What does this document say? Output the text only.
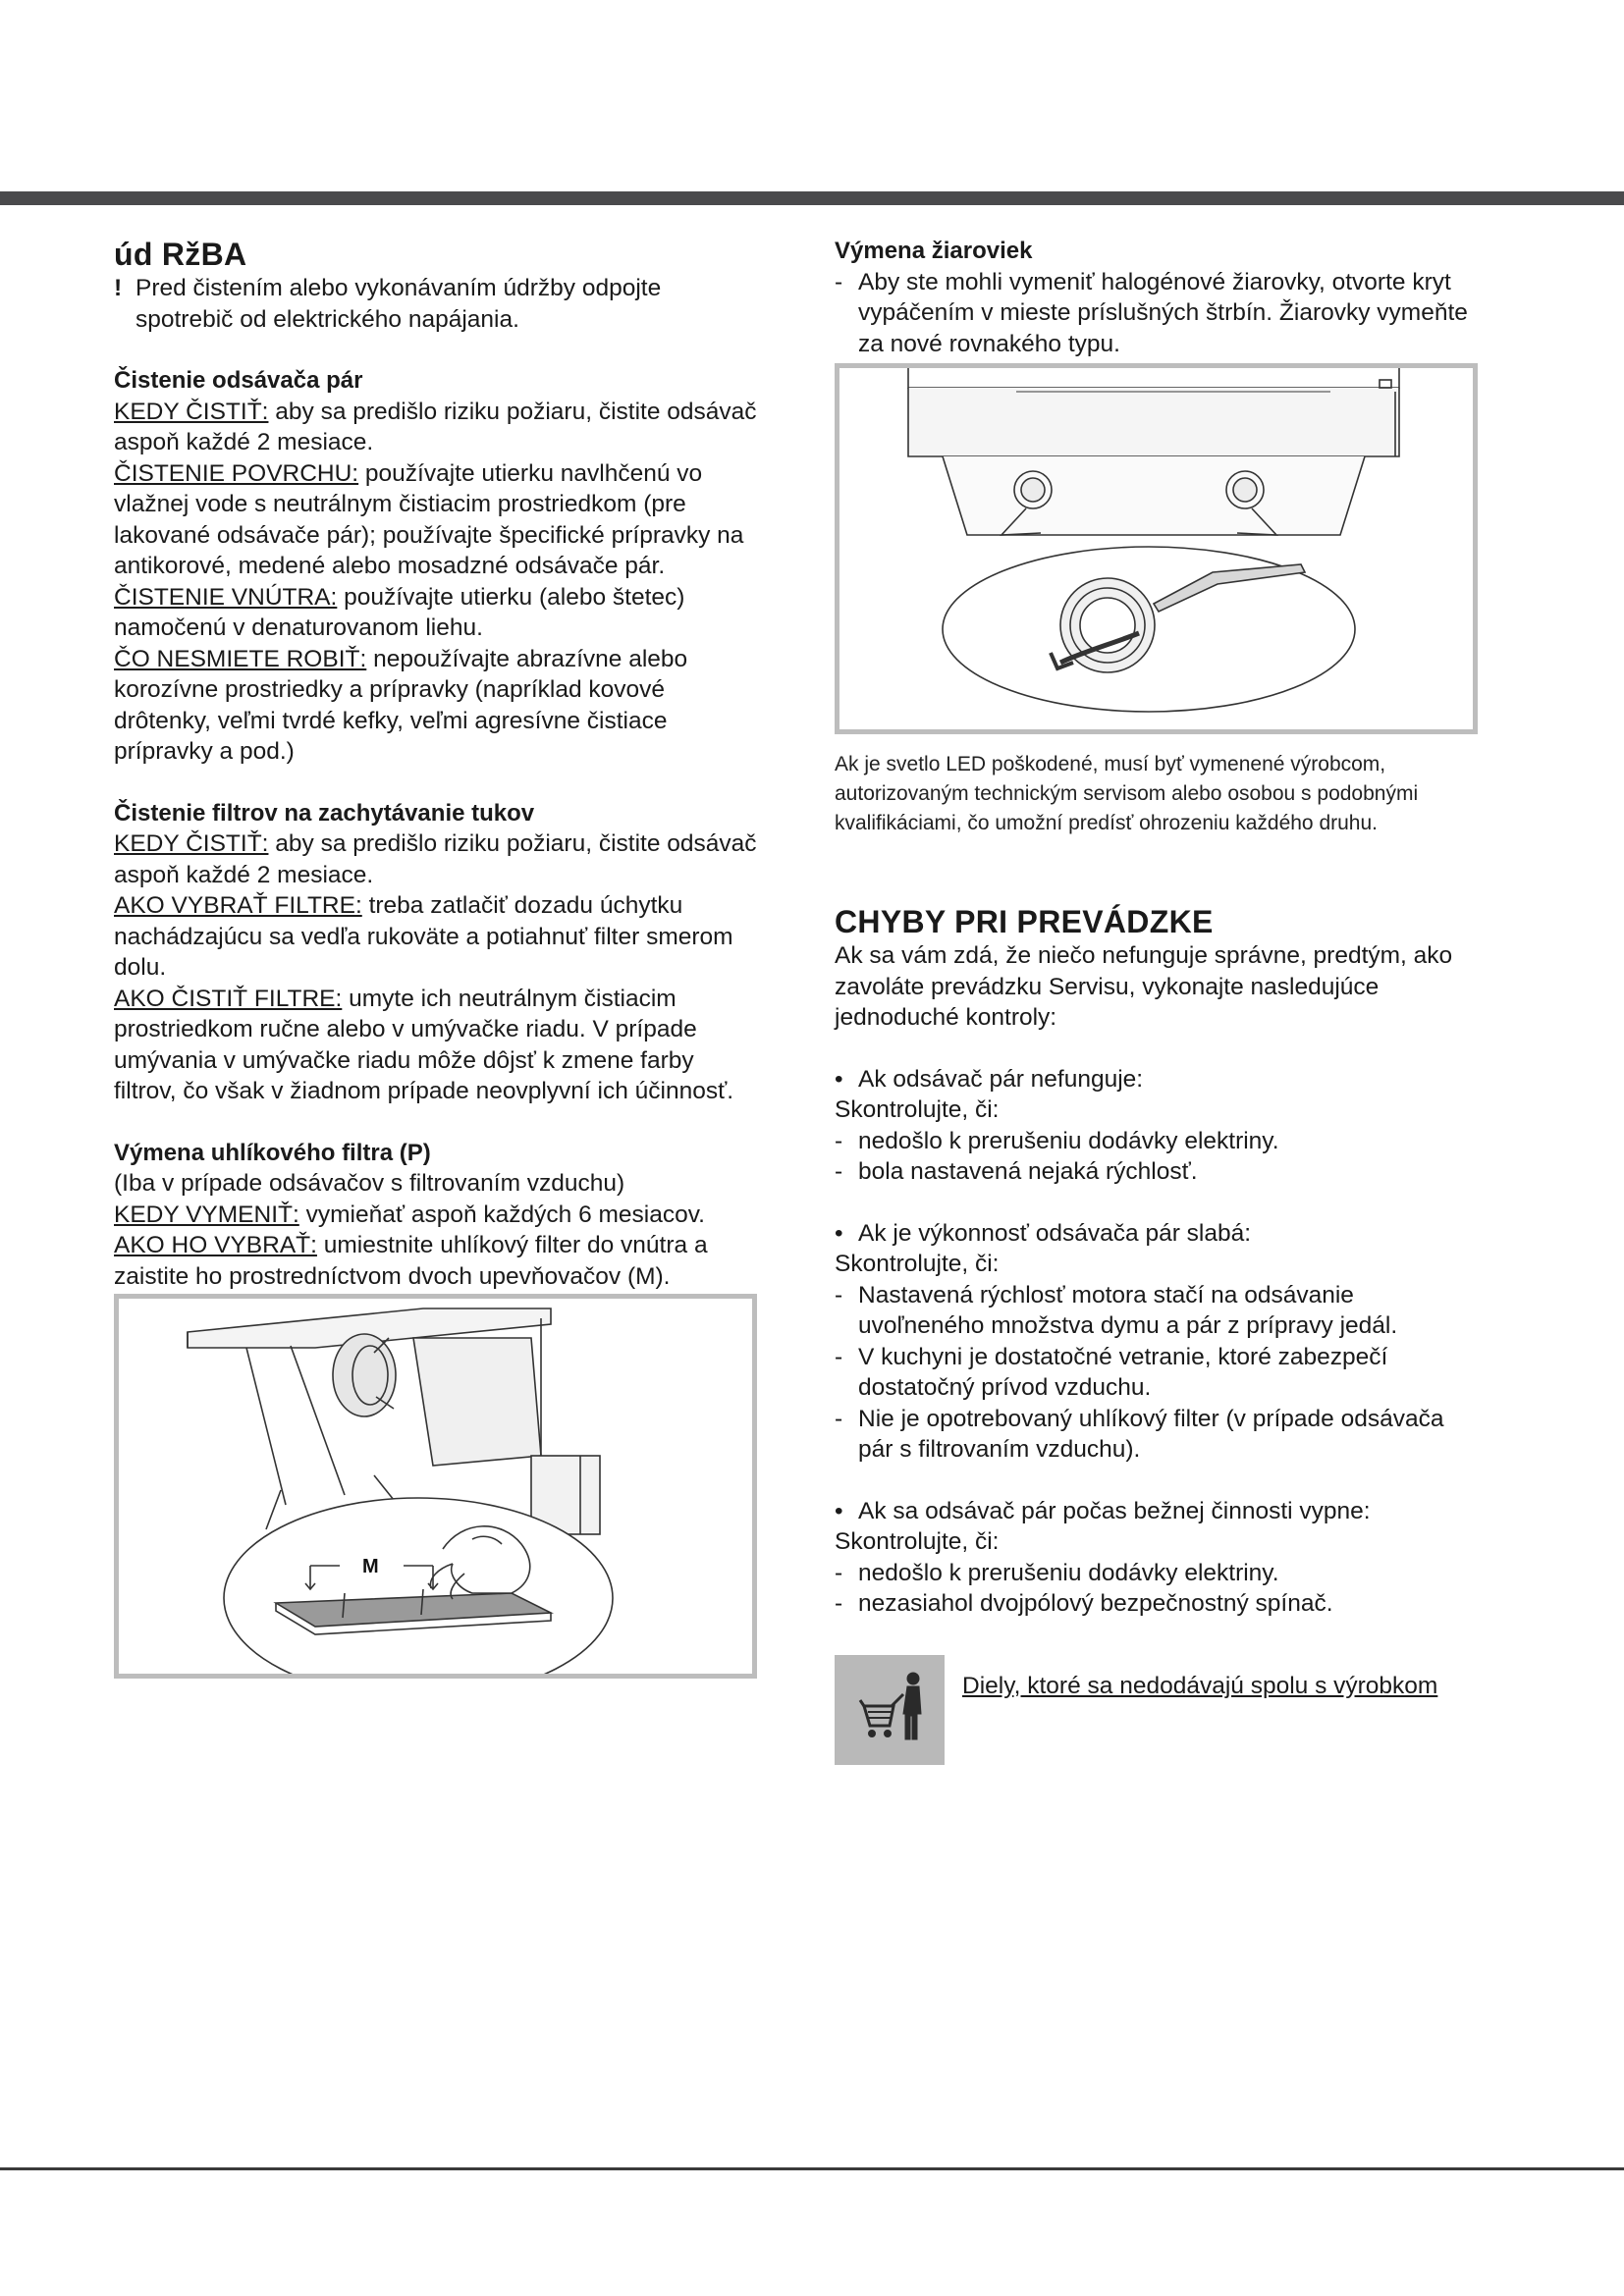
úd RžBA
! Pred čistením alebo vykonávaním údržby odpojte spotrebič od elektrického napájania.
Čistenie odsávača pár

KEDY ČISTIŤ: aby sa predišlo riziku požiaru, čistite odsávač aspoň každé 2 mesiace.

ČISTENIE POVRCHU: používajte utierku navlhčenú vo vlažnej vode s neutrálnym čistiacim prostriedkom (pre lakované odsávače pár); používajte špecifické prípravky na antikorové, medené alebo mosadzné odsávače pár.

ČISTENIE VNÚTRA: používajte utierku (alebo štetec) namočenú v denaturovanom liehu.

ČO NESMIETE ROBIŤ: nepoužívajte abrazívne alebo korozívne prostriedky a prípravky (napríklad kovové drôtenky, veľmi tvrdé kefky, veľmi agresívne čistiace prípravky a pod.)

Čistenie filtrov na zachytávanie tukov

KEDY ČISTIŤ: aby sa predišlo riziku požiaru, čistite odsávač aspoň každé 2 mesiace.

AKO VYBRAŤ FILTRE: treba zatlačiť dozadu úchytku nachádzajúcu sa vedľa rukoväte a potiahnuť filter smerom dolu.

AKO ČISTIŤ FILTRE: umyte ich neutrálnym čistiacim prostriedkom ručne alebo v umývačke riadu. V prípade umývania v umývačke riadu môže dôjsť k zmene farby filtrov, čo však v žiadnom prípade neovplyvní ich účinnosť.

Výmena uhlíkového filtra (P)

(Iba v prípade odsávačov s filtrovaním vzduchu)

KEDY VYMENIŤ: vymieňať aspoň každých 6 mesiacov.

AKO HO VYBRAŤ: umiestnite uhlíkový filter do vnútra a zaistite ho prostredníctvom dvoch upevňovačov (M).

M
Výmena žiaroviek
- Aby ste mohli vymeniť halogénové žiarovky, otvorte kryt vypáčením v mieste príslušných štrbín. Žiarovky vymeňte za nové rovnakého typu.

Ak je svetlo LED poškodené, musí byť vymenené výrobcom, autorizovaným technickým servisom alebo osobou s podobnými kvalifikáciami, čo umožní predísť ohrozeniu každého druhu.

CHYBY PRI PREVÁDZKE

Ak sa vám zdá, že niečo nefunguje správne, predtým, ako zavoláte prevádzku Servisu, vykonajte nasledujúce jednoduché kontroly:

• Ak odsávač pár nefunguje:
Skontrolujte, či:
- nedošlo k prerušeniu dodávky elektriny.
- bola nastavená nejaká rýchlosť.
• Ak je výkonnosť odsávača pár slabá:
Skontrolujte, či:
- Nastavená rýchlosť motora stačí na odsávanie uvoľneného množstva dymu a pár z prípravy jedál.
- V kuchyni je dostatočné vetranie, ktoré zabezpečí dostatočný prívod vzduchu.
- Nie je opotrebovaný uhlíkový filter (v prípade odsávača pár s filtrovaním vzduchu).
• Ak sa odsávač pár počas bežnej činnosti vypne:
Skontrolujte, či:
- nedošlo k prerušeniu dodávky elektriny.
- nezasiahol dvojpólový bezpečnostný spínač.
Diely, ktoré sa nedodávajú spolu s výrobkom
